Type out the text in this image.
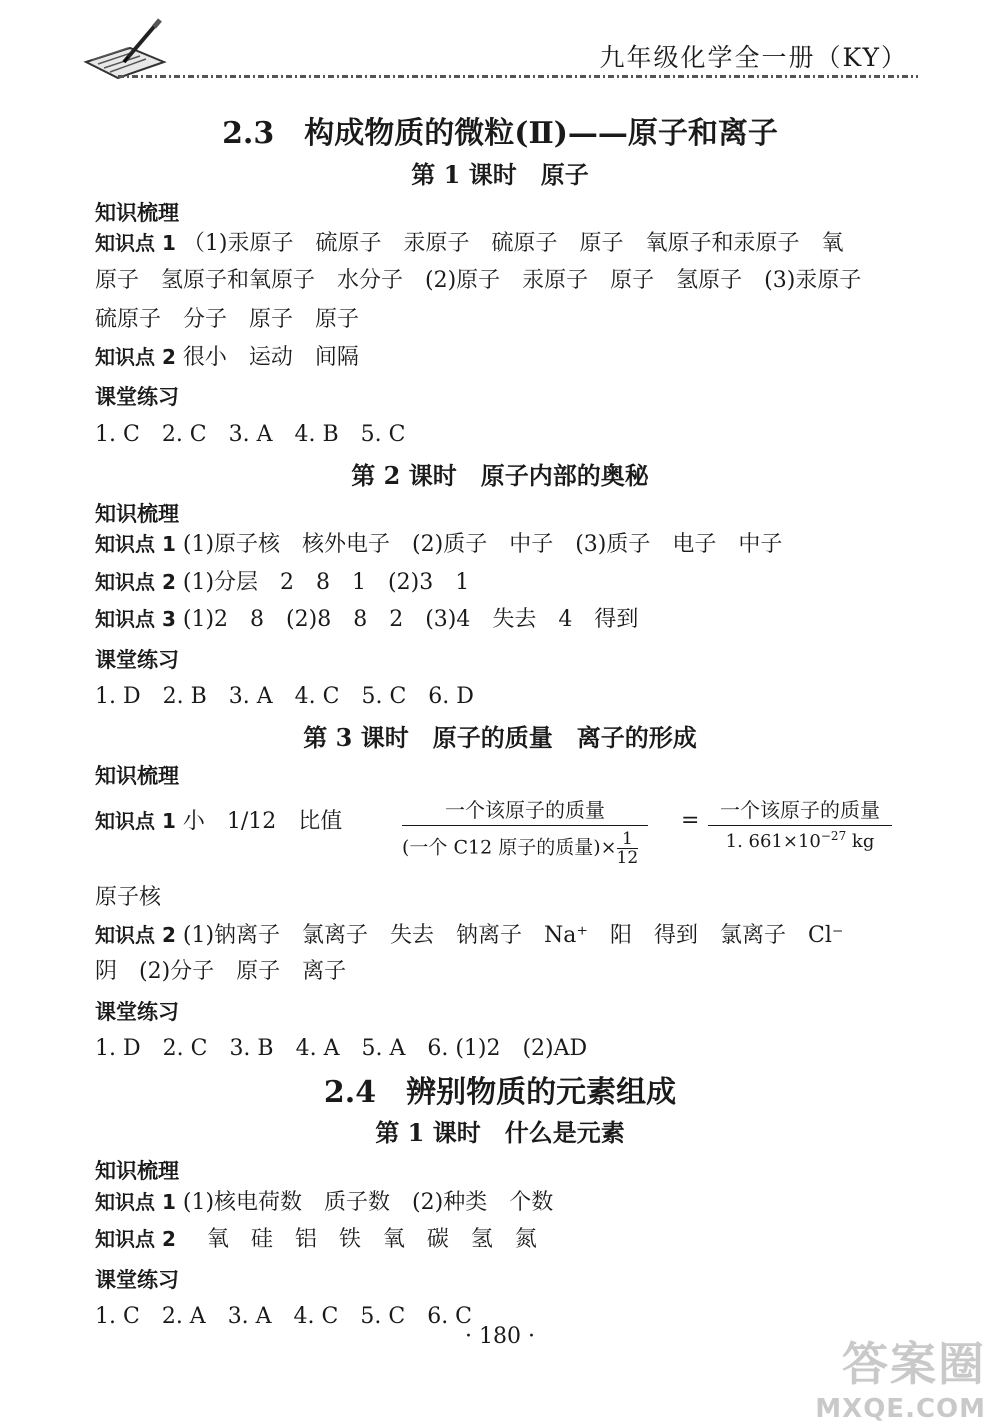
九年级化学全一册（KY）
2.3　构成物质的微粒(Ⅱ)——原子和离子
第 1 课时　原子
知识梳理
知识点 1 （1)汞原子　硫原子　汞原子　硫原子　原子　氧原子和汞原子　氧
原子　氢原子和氧原子　水分子　(2)原子　汞原子　原子　氢原子　(3)汞原子
硫原子　分子　原子　原子
知识点 2 很小　运动　间隔
课堂练习
1. C　2. C　3. A　4. B　5. C
第 2 课时　原子内部的奥秘
知识梳理
知识点 1 (1)原子核　核外电子　(2)质子　中子　(3)质子　电子　中子
知识点 2 (1)分层　2　8　1　(2)3　1
知识点 3 (1)2　8　(2)8　8　2　(3)4　失去　4　得到
课堂练习
1. D　2. B　3. A　4. C　5. C　6. D
第 3 课时　原子的质量　离子的形成
知识梳理
知识点 1 小　1/12　比值	一个该原子的质量
(一个 C12 原子的质量)× $\frac{1}{12}$
=	一个该原子的质量
1. $661\times 10^{-27}$ kg
原子核
知识点 2 (1)钠离子　氯离子　失去　钠离子　Na⁺　阳　得到　氯离子　Cl⁻
阴　(2)分子　原子　离子
课堂练习
1. D　2. C　3. B　4. A　5. A　6. (1)2　(2)AD
2.4　辨别物质的元素组成
第 1 课时　什么是元素
知识梳理
知识点 1 (1)核电荷数　质子数　(2)种类　个数
知识点 2 氧　硅　铝　铁　氧　碳　氢　氮
课堂练习
1. C　2. A　3. A　4. C　5. C　6. C
· 180 ·
答案圈
MXQE.COM
